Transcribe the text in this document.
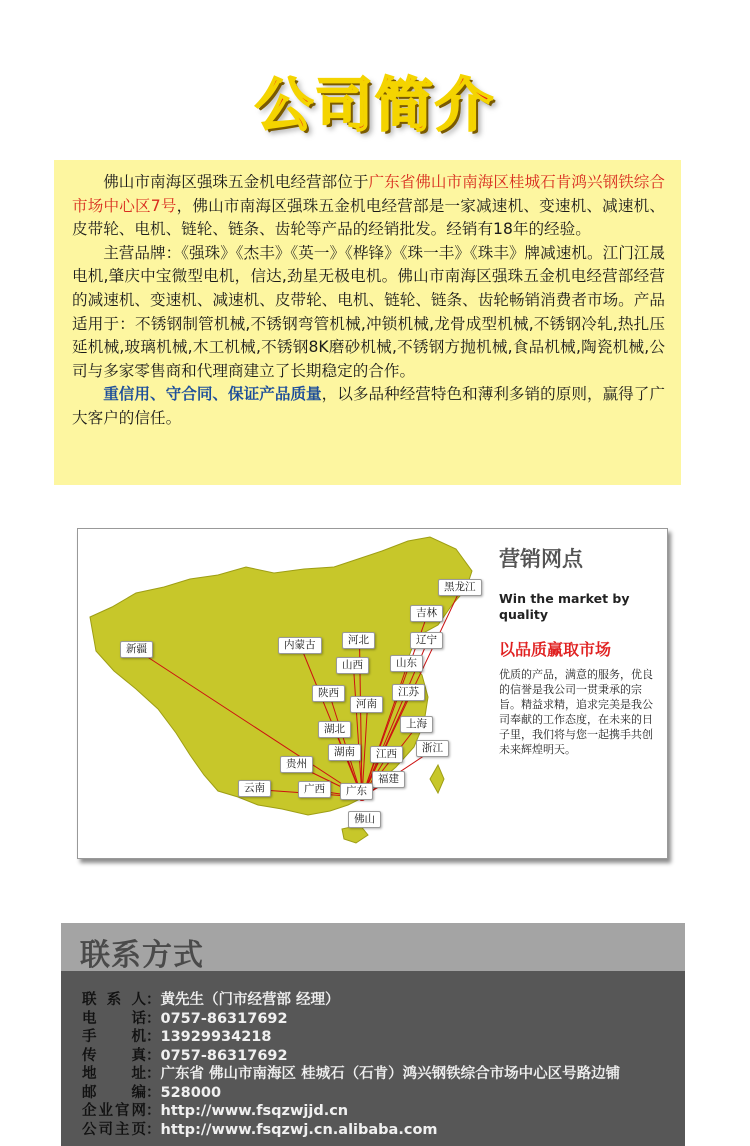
公司简介

佛山市南海区强珠五金机电经营部位于广东省佛山市南海区桂城石肯鸿兴钢铁综合市场中心区7号，佛山市南海区强珠五金机电经营部是一家减速机、变速机、减速机、皮带轮、电机、链轮、链条、齿轮等产品的经销批发。经销有18年的经验。

主营品牌：《强珠》《杰丰》《英一》《桦锋》《珠一丰》《珠丰》牌减速机。江门江晟电机,肇庆中宝微型电机，信达,劲星无极电机。佛山市南海区强珠五金机电经营部经营的减速机、变速机、减速机、皮带轮、电机、链轮、链条、齿轮畅销消费者市场。产品适用于：不锈钢制管机械,不锈钢弯管机械,冲锁机械,龙骨成型机械,不锈钢冷轧,热扎压延机械,玻璃机械,木工机械,不锈钢8K磨砂机械,不锈钢方抛机械,食品机械,陶瓷机械,公司与多家零售商和代理商建立了长期稳定的合作。

重信用、守合同、保证产品质量，以多品种经营特色和薄利多销的原则，赢得了广大客户的信任。

营销网点
Win the market by quality
以品质赢取市场
优质的产品，满意的服务，优良的信誉是我公司一贯秉承的宗旨。精益求精，追求完美是我公司奉献的工作态度，在未来的日子里，我们将与您一起携手共创未来辉煌明天。
黑龙江
吉林
内蒙古	河北	辽宁
新疆
山西	山东
陕西
河南
江苏
湖北	上海
湖南	江西	浙江
贵州
福建
云南	广西	广东
佛山
联系方式
联系人 ： 黄先生（门市经营部 经理）
电话 ： 0757-86317692
手机 ： 13929934218
传真 ： 0757-86317692
地址 ： 广东省 佛山市南海区 桂城石（石肯）鸿兴钢铁综合市场中心区号路边铺
邮编 ： 528000
企业官网 ： http://www.fsqzwjjd.cn
公司主页 ： http://www.fsqzwj.cn.alibaba.com
